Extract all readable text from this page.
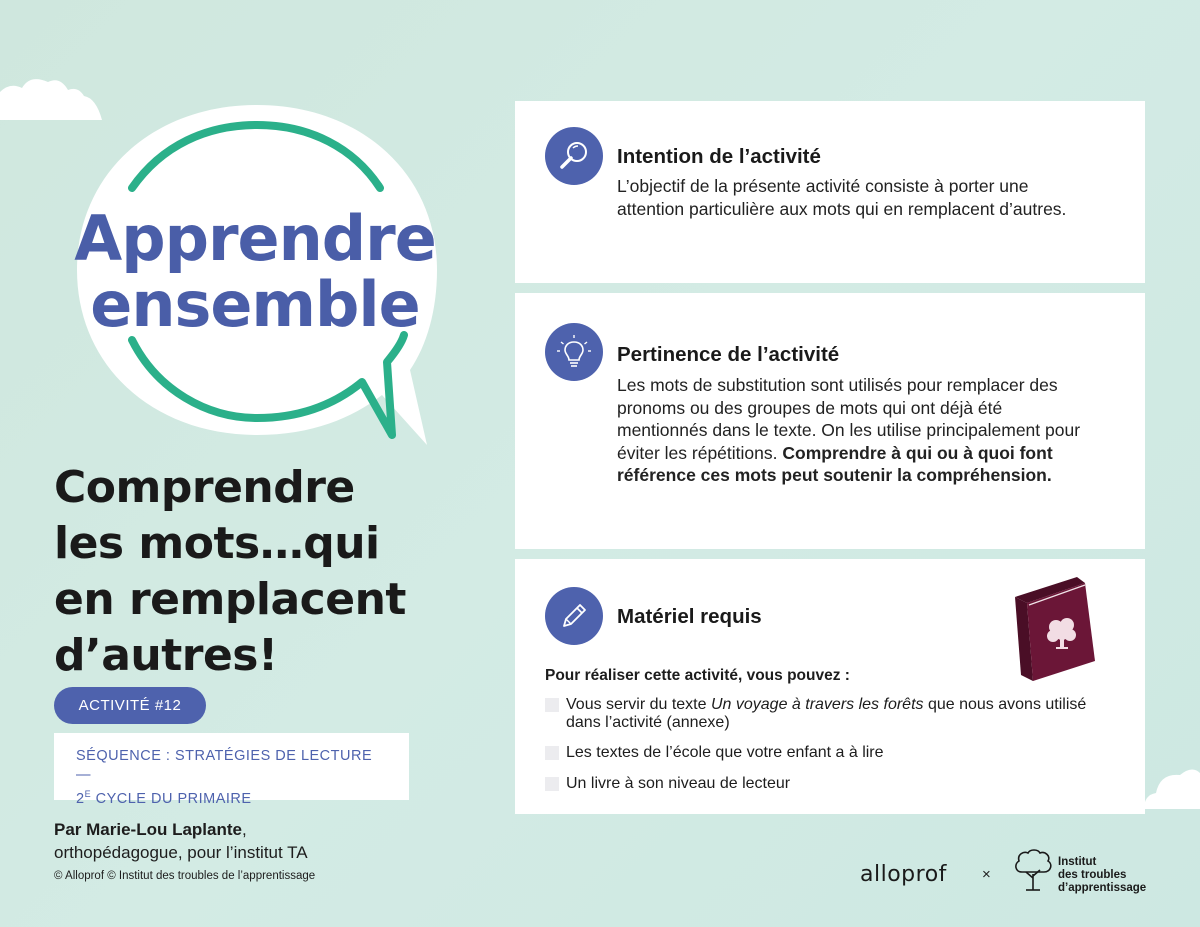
Apprendre
ensemble
Comprendre
les mots…qui
en remplacent
d’autres!
ACTIVITÉ #12
SÉQUENCE : STRATÉGIES DE LECTURE —
$2^E$ CYCLE DU PRIMAIRE
Par Marie-Lou Laplante,
orthopédagogue, pour l’institut TA
© Alloprof © Institut des troubles de l’apprentissage
Intention de l’activité
L’objectif de la présente activité consiste à porter une attention particulière aux mots qui en remplacent d’autres.
Pertinence de l’activité
Les mots de substitution sont utilisés pour remplacer des pronoms ou des groupes de mots qui ont déjà été mentionnés dans le texte. On les utilise principalement pour éviter les répétitions. Comprendre à qui ou à quoi font référence ces mots peut soutenir la compréhension.
Matériel requis
Pour réaliser cette activité, vous pouvez :
Vous servir du texte Un voyage à travers les forêts que nous avons utilisé dans l’activité (annexe)
Les textes de l’école que votre enfant a à lire
Un livre à son niveau de lecteur
alloprof ×
Institut
des troubles
d’apprentissage
